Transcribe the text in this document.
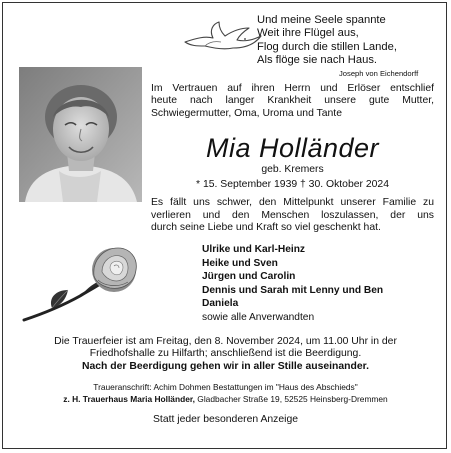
Und meine Seele spannte
Weit ihre Flügel aus,
Flog durch die stillen Lande,
Als flöge sie nach Haus.
Joseph von Eichendorff
Im Vertrauen auf ihren Herrn und Erlöser entschlief
heute nach langer Krankheit unsere gute Mutter,
Schwiegermutter, Oma, Uroma und Tante
Mia Holländer
geb. Kremers
* 15. September 1939 † 30. Oktober 2024
Es fällt uns schwer, den Mittelpunkt unserer Familie zu
verlieren und den Menschen loszulassen, der uns
durch seine Liebe und Kraft so viel geschenkt hat.
Ulrike und Karl-Heinz
Heike und Sven
Jürgen und Carolin
Dennis und Sarah mit Lenny und Ben
Daniela
sowie alle Anverwandten
Die Trauerfeier ist am Freitag, den 8. November 2024, um 11.00 Uhr in der
Friedhofshalle zu Hilfarth; anschließend ist die Beerdigung.
Nach der Beerdigung gehen wir in aller Stille auseinander.
Traueranschrift: Achim Dohmen Bestattungen im "Haus des Abschieds"
z. H. Trauerhaus Maria Holländer, Gladbacher Straße 19, 52525 Heinsberg-Dremmen
Statt jeder besonderen Anzeige
